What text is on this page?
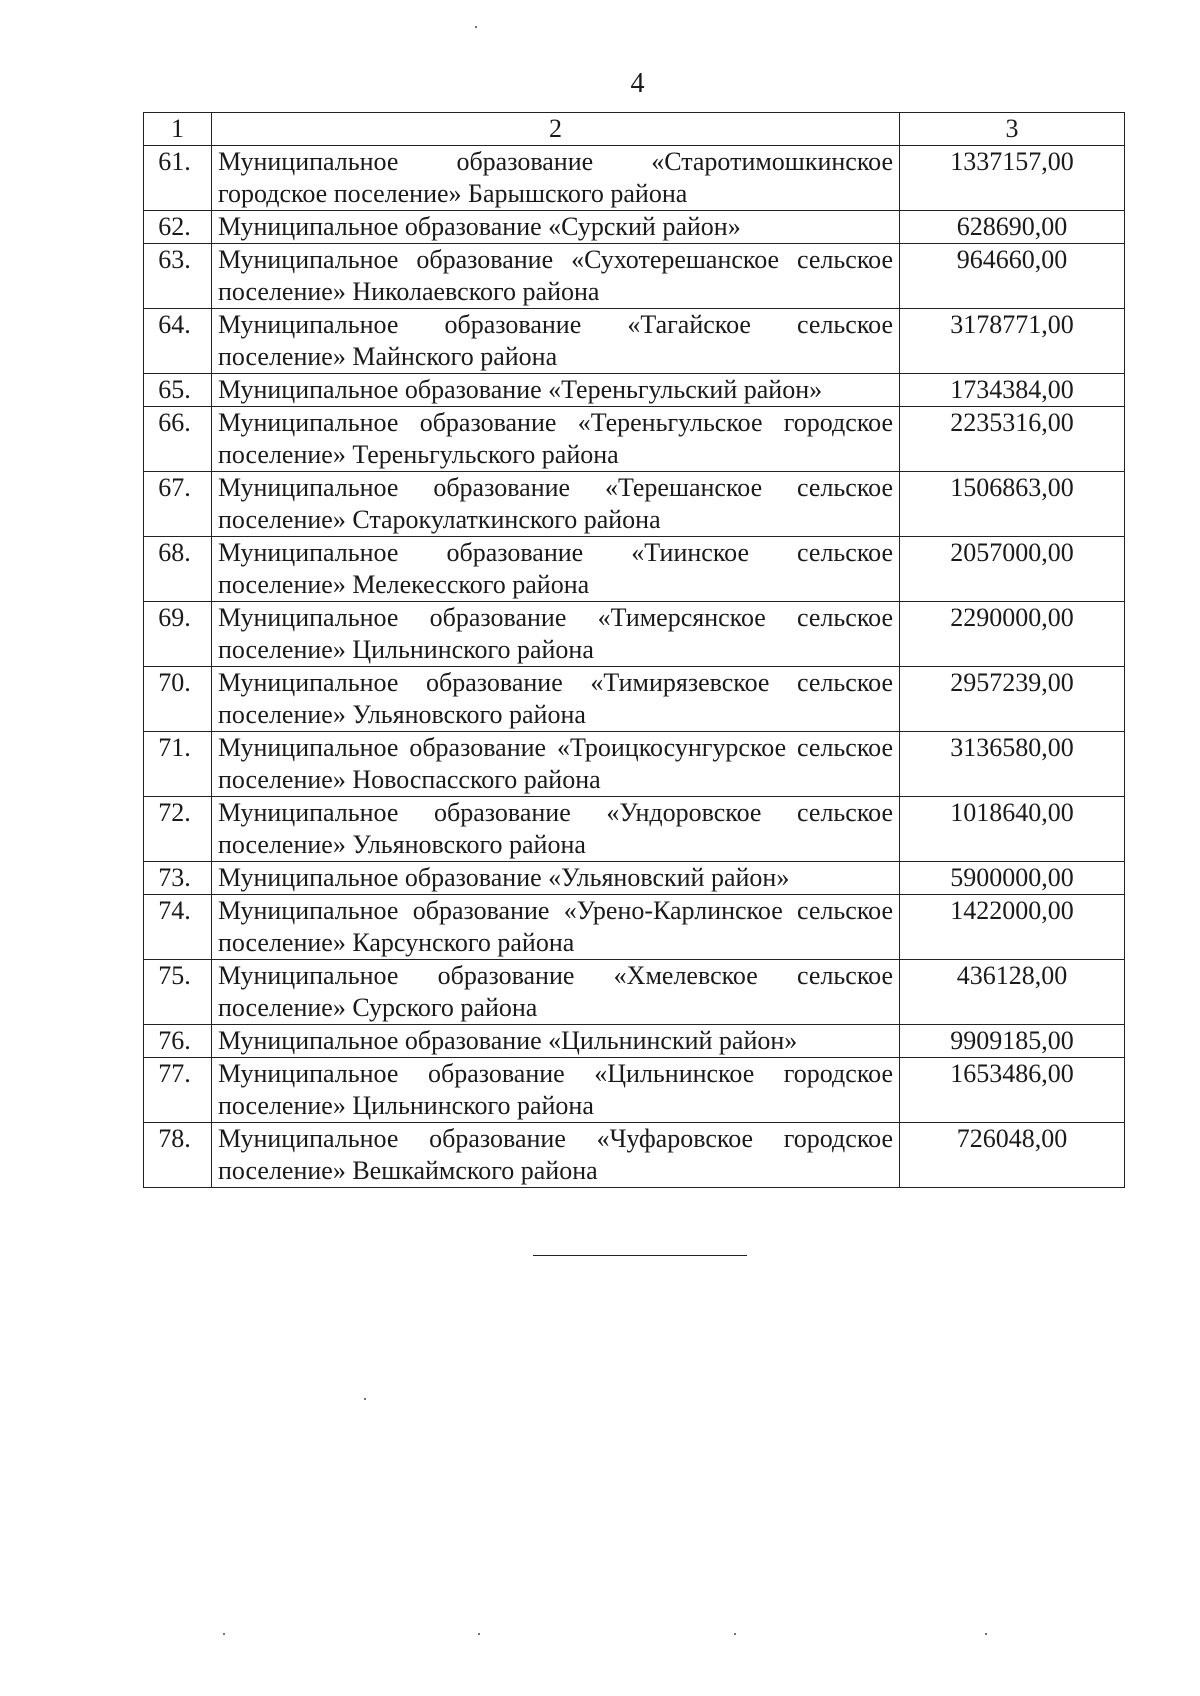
4
1	2	3
61.	Муниципальное образование «Старотимошкинское городское поселение» Барышского района	1337157,00
62.	Муниципальное образование «Сурский район»	628690,00
63.	Муниципальное образование «Сухотерешанское сельское поселение» Николаевского района	964660,00
64.	Муниципальное образование «Тагайское сельское поселение» Майнского района	3178771,00
65.	Муниципальное образование «Тереньгульский район»	1734384,00
66.	Муниципальное образование «Тереньгульское городское поселение» Тереньгульского района	2235316,00
67.	Муниципальное образование «Терешанское сельское поселение» Старокулаткинского района	1506863,00
68.	Муниципальное образование «Тиинское сельское поселение» Мелекесского района	2057000,00
69.	Муниципальное образование «Тимерсянское сельское поселение» Цильнинского района	2290000,00
70.	Муниципальное образование «Тимирязевское сельское поселение» Ульяновского района	2957239,00
71.	Муниципальное образование «Троицкосунгурское сельское поселение» Новоспасского района	3136580,00
72.	Муниципальное образование «Ундоровское сельское поселение» Ульяновского района	1018640,00
73.	Муниципальное образование «Ульяновский район»	5900000,00
74.	Муниципальное образование «Урено-Карлинское сельское поселение» Карсунского района	1422000,00
75.	Муниципальное образование «Хмелевское сельское поселение» Сурского района	436128,00
76.	Муниципальное образование «Цильнинский район»	9909185,00
77.	Муниципальное образование «Цильнинское городское поселение» Цильнинского района	1653486,00
78.	Муниципальное образование «Чуфаровское городское поселение» Вешкаймского района	726048,00
